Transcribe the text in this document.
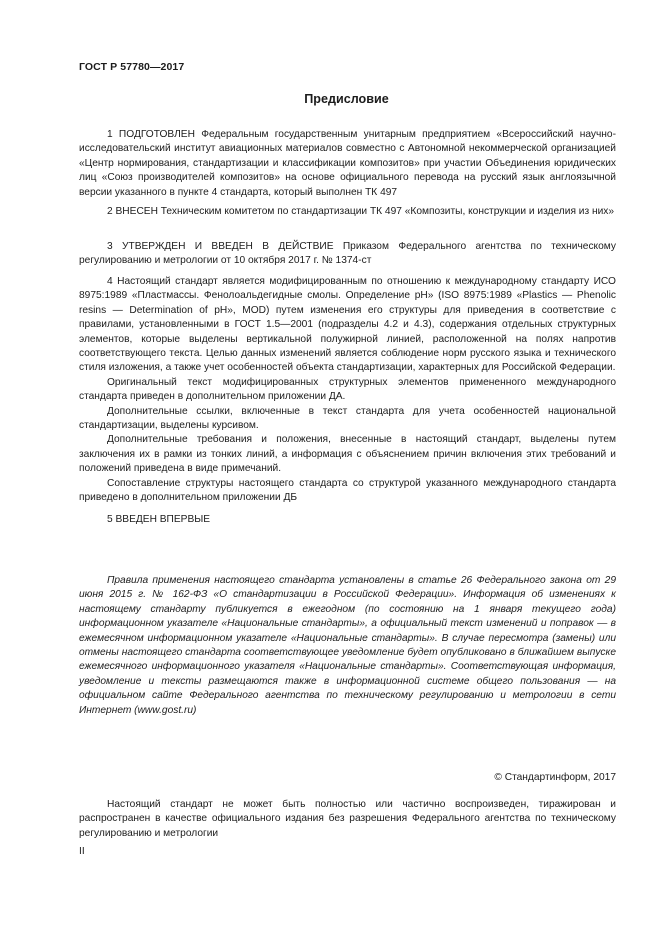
ГОСТ Р 57780—2017
Предисловие

1 ПОДГОТОВЛЕН Федеральным государственным унитарным предприятием «Всероссийский научно-исследовательский институт авиационных материалов совместно с Автономной некоммерческой организацией «Центр нормирования, стандартизации и классификации композитов» при участии Объединения юридических лиц «Союз производителей композитов» на основе официального перевода на русский язык англоязычной версии указанного в пункте 4 стандарта, который выполнен ТК 497

2 ВНЕСЕН Техническим комитетом по стандартизации ТК 497 «Композиты, конструкции и изделия из них»

3 УТВЕРЖДЕН И ВВЕДЕН В ДЕЙСТВИЕ Приказом Федерального агентства по техническому регулированию и метрологии от 10 октября 2017 г. № 1374-ст

4 Настоящий стандарт является модифицированным по отношению к международному стандарту ИСО 8975:1989 «Пластмассы. Фенолоальдегидные смолы. Определение pH» (ISO 8975:1989 «Plastics — Phenolic resins — Determination of pH», MOD) путем изменения его структуры для приведения в соответствие с правилами, установленными в ГОСТ 1.5—2001 (подразделы 4.2 и 4.3), содержания отдельных структурных элементов, которые выделены вертикальной полужирной линией, расположенной на полях напротив соответствующего текста. Целью данных изменений является соблюдение норм русского языка и технического стиля изложения, а также учет особенностей объекта стандартизации, характерных для Российской Федерации.

Оригинальный текст модифицированных структурных элементов примененного международного стандарта приведен в дополнительном приложении ДА.

Дополнительные ссылки, включенные в текст стандарта для учета особенностей национальной стандартизации, выделены курсивом.

Дополнительные требования и положения, внесенные в настоящий стандарт, выделены путем заключения их в рамки из тонких линий, а информация с объяснением причин включения этих требований и положений приведена в виде примечаний.

Сопоставление структуры настоящего стандарта со структурой указанного международного стандарта приведено в дополнительном приложении ДБ

5 ВВЕДЕН ВПЕРВЫЕ

Правила применения настоящего стандарта установлены в статье 26 Федерального закона от 29 июня 2015 г. № 162-ФЗ «О стандартизации в Российской Федерации». Информация об изменениях к настоящему стандарту публикуется в ежегодном (по состоянию на 1 января текущего года) информационном указателе «Национальные стандарты», а официальный текст изменений и поправок — в ежемесячном информационном указателе «Национальные стандарты». В случае пересмотра (замены) или отмены настоящего стандарта соответствующее уведомление будет опубликовано в ближайшем выпуске ежемесячного информационного указателя «Национальные стандарты». Соответствующая информация, уведомление и тексты размещаются также в информационной системе общего пользования — на официальном сайте Федерального агентства по техническому регулированию и метрологии в сети Интернет (www.gost.ru)

© Стандартинформ, 2017

Настоящий стандарт не может быть полностью или частично воспроизведен, тиражирован и распространен в качестве официального издания без разрешения Федерального агентства по техническому регулированию и метрологии

II
